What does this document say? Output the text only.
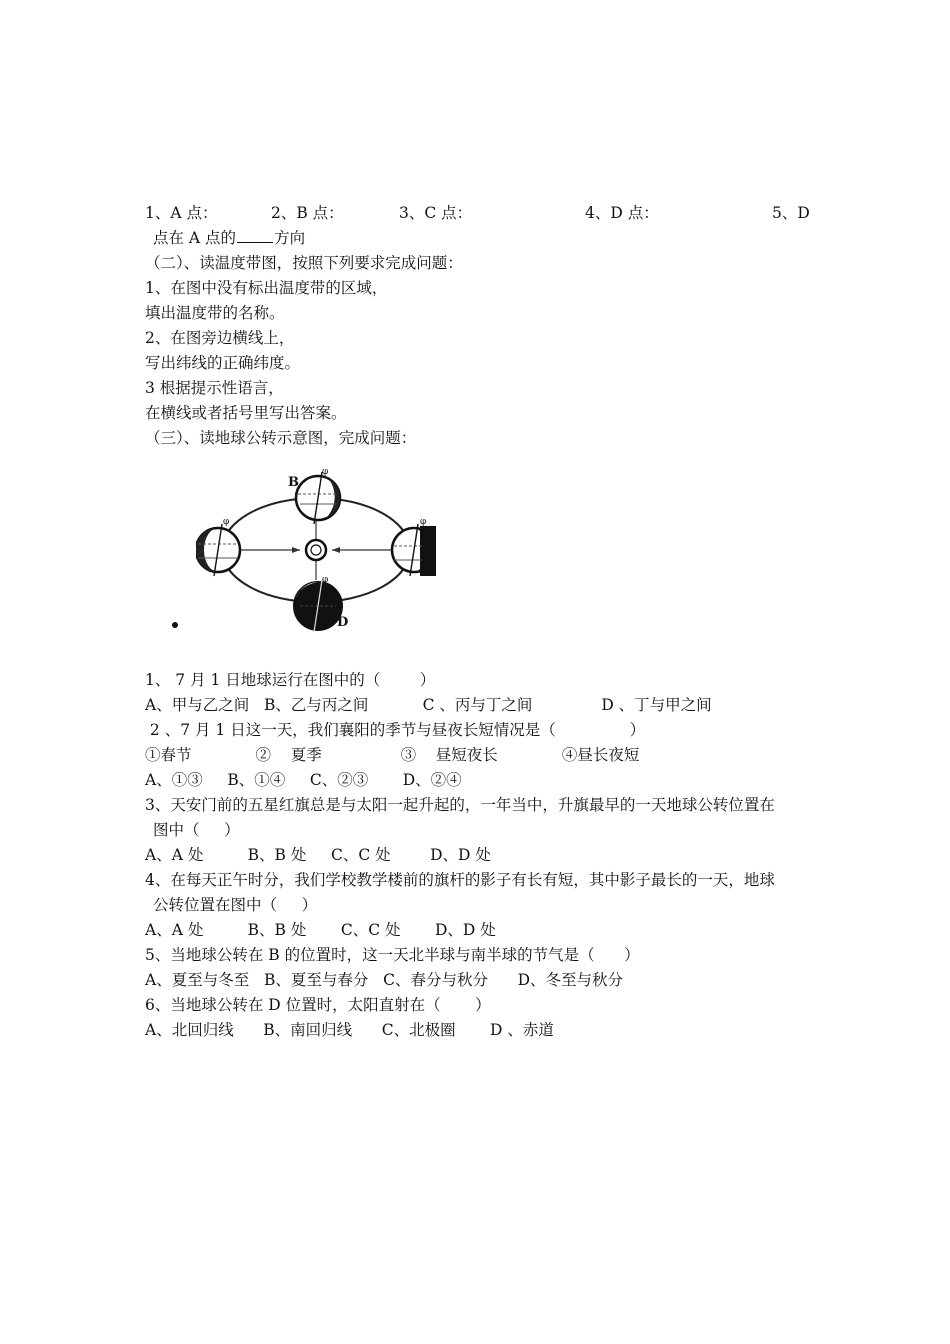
1、A 点：

	2、B 点：

	3、C 点：

	4、D 点：

	5、D

点在 A 点的 方向
（二）、读温度带图，按照下列要求完成问题：
1、在图中没有标出温度带的区域，
填出温度带的名称。
2、在图旁边横线上，
写出纬线的正确纬度。
3 根据提示性语言，
在横线或者括号里写出答案。
（三）、读地球公转示意图，完成问题：
φ
φ	φ
φ
B
D
1、 7 月 1 日地球运行在图中的（        ）
A、甲与乙之间   B、乙与丙之间           C 、丙与丁之间              D 、丁与甲之间
2 、7 月 1 日这一天，我们襄阳的季节与昼夜长短情况是（               ）
①春节             ②    夏季                ③    昼短夜长             ④昼长夜短
A、①③     B、①④     C、②③       D、②④
3、天安门前的五星红旗总是与太阳一起升起的，一年当中，升旗最早的一天地球公转位置在
图中（     ）
A、A 处         B、B 处     C、C 处        D、D 处
4、在每天正午时分，我们学校教学楼前的旗杆的影子有长有短，其中影子最长的一天，地球
公转位置在图中（     ）
A、A 处         B、B 处       C、C 处       D、D 处
5、当地球公转在 B 的位置时，这一天北半球与南半球的节气是（      ）
A、夏至与冬至   B、夏至与春分   C、春分与秋分      D、冬至与秋分
6、当地球公转在 D 位置时，太阳直射在（       ）
A、北回归线      B、南回归线      C、北极圈       D 、赤道
